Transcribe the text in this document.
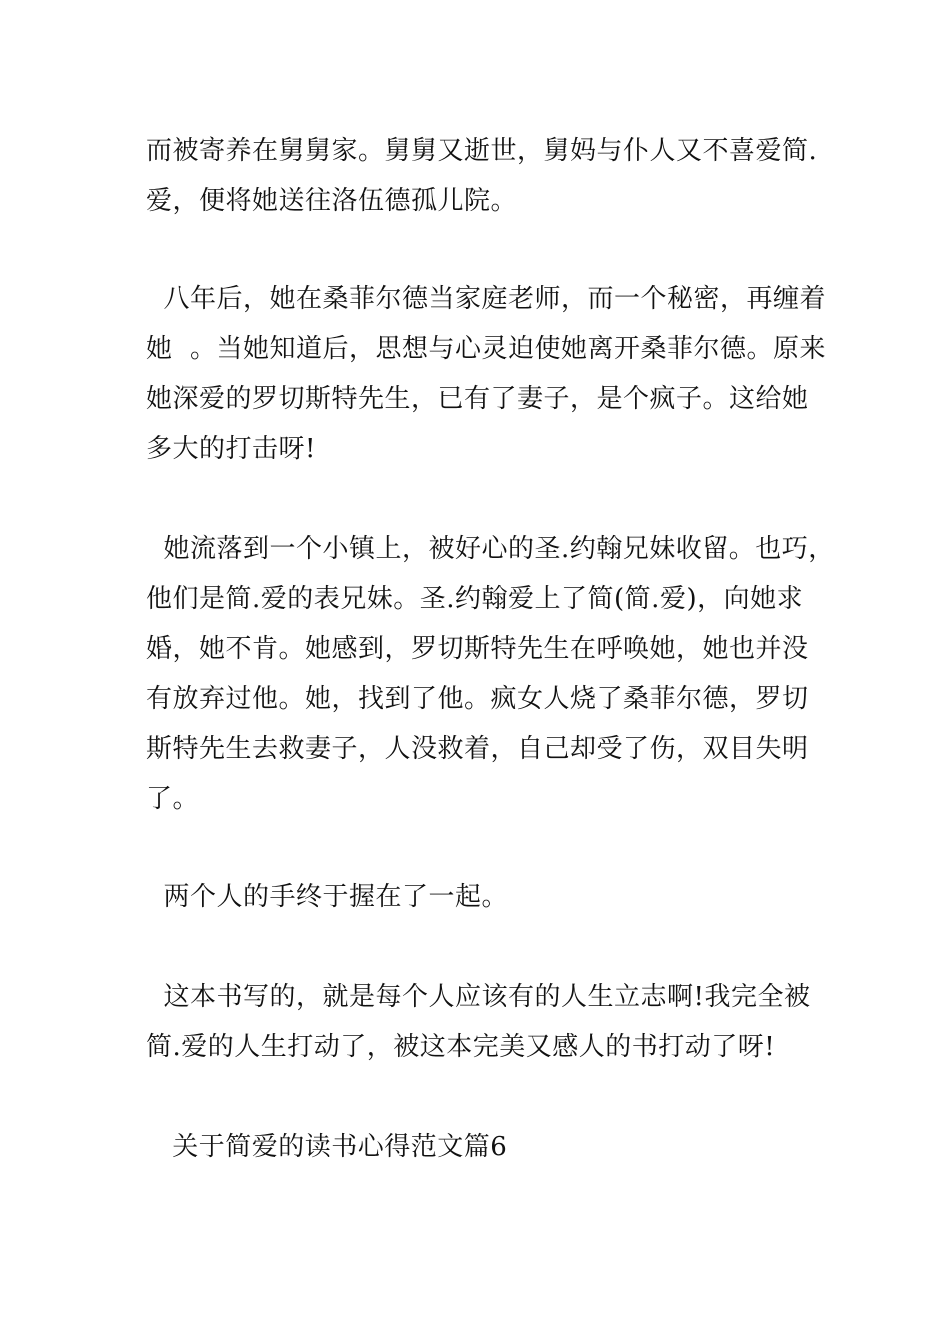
而被寄养在舅舅家。舅舅又逝世，舅妈与仆人又不喜爱简.
爱，便将她送往洛伍德孤儿院。
八年后，她在桑菲尔德当家庭老师，而一个秘密，再缠着
她  。当她知道后，思想与心灵迫使她离开桑菲尔德。原来
她深爱的罗切斯特先生，已有了妻子，是个疯子。这给她
多大的打击呀!
她流落到一个小镇上，被好心的圣.约翰兄妹收留。也巧，
他们是简.爱的表兄妹。圣.约翰爱上了简(简.爱)，向她求
婚，她不肯。她感到，罗切斯特先生在呼唤她，她也并没
有放弃过他。她，找到了他。疯女人烧了桑菲尔德，罗切
斯特先生去救妻子，人没救着，自己却受了伤，双目失明
了。
两个人的手终于握在了一起。
这本书写的，就是每个人应该有的人生立志啊!我完全被
简.爱的人生打动了，被这本完美又感人的书打动了呀!
关于简爱的读书心得范文篇6
